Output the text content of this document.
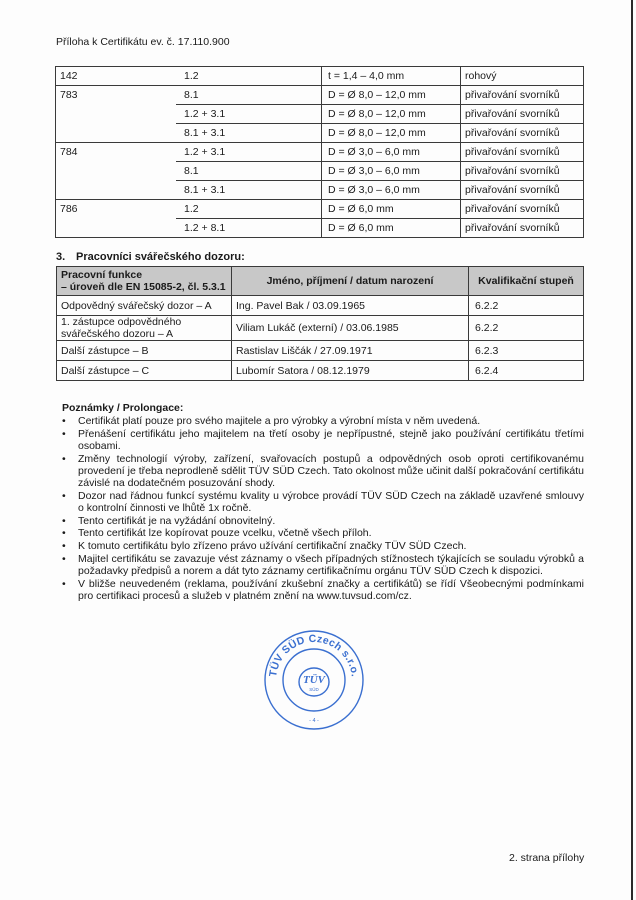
Příloha k Certifikátu ev. č. 17.110.900
142	1.2	t = 1,4 – 4,0 mm	rohový
783	8.1	D = Ø 8,0 – 12,0 mm	přivařování svorníků
	1.2 + 3.1	D = Ø 8,0 – 12,0 mm	přivařování svorníků
	8.1 + 3.1	D = Ø 8,0 – 12,0 mm	přivařování svorníků
784	1.2 + 3.1	D = Ø 3,0 – 6,0 mm	přivařování svorníků
	8.1	D = Ø 3,0 – 6,0 mm	přivařování svorníků
	8.1 + 3.1	D = Ø 3,0 – 6,0 mm	přivařování svorníků
786	1.2	D = Ø 6,0 mm	přivařování svorníků
	1.2 + 8.1	D = Ø 6,0 mm	přivařování svorníků
3. Pracovníci svářečského dozoru:
Pracovní funkce
– úroveň dle EN 15085-2, čl. 5.3.1	Jméno, příjmení / datum narození	Kvalifikační stupeň
Odpovědný svářečský dozor – A	Ing. Pavel Bak / 03.09.1965	6.2.2
1. zástupce odpovědného svářečského dozoru – A	Viliam Lukáč (externí) / 03.06.1985	6.2.2
Další zástupce – B	Rastislav Liščák / 27.09.1971	6.2.3
Další zástupce – C	Lubomír Satora / 08.12.1979	6.2.4
Poznámky / Prolongace:
• Certifikát platí pouze pro svého majitele a pro výrobky a výrobní místa v něm uvedená.
• Přenášení certifikátu jeho majitelem na třetí osoby je nepřípustné, stejně jako používání certifikátu třetími osobami.
• Změny technologií výroby, zařízení, svařovacích postupů a odpovědných osob oproti certifikovanému provedení je třeba neprodleně sdělit TÜV SÜD Czech. Tato okolnost může učinit další pokračování certifikátu závislé na dodatečném posuzování shody.
• Dozor nad řádnou funkcí systému kvality u výrobce provádí TÜV SÜD Czech na základě uzavřené smlouvy o kontrolní činnosti ve lhůtě 1x ročně.
• Tento certifikát je na vyžádání obnovitelný.
• Tento certifikát lze kopírovat pouze vcelku, včetně všech příloh.
• K tomuto certifikátu bylo zřízeno právo užívání certifikační značky TÜV SÜD Czech.
• Majitel certifikátu se zavazuje vést záznamy o všech případných stížnostech týkajících se souladu výrobků a požadavky předpisů a norem a dát tyto záznamy certifikačnímu orgánu TÜV SÜD Czech k dispozici.
• V bližše neuvedeném (reklama, používání zkušební značky a certifikátů) se řídí Všeobecnými podmínkami pro certifikaci procesů a služeb v platném znění na www.tuvsud.com/cz.
TÜV SÜD Czech s.r.o.
TÜV
SÜD
- 4 -
2. strana přílohy
